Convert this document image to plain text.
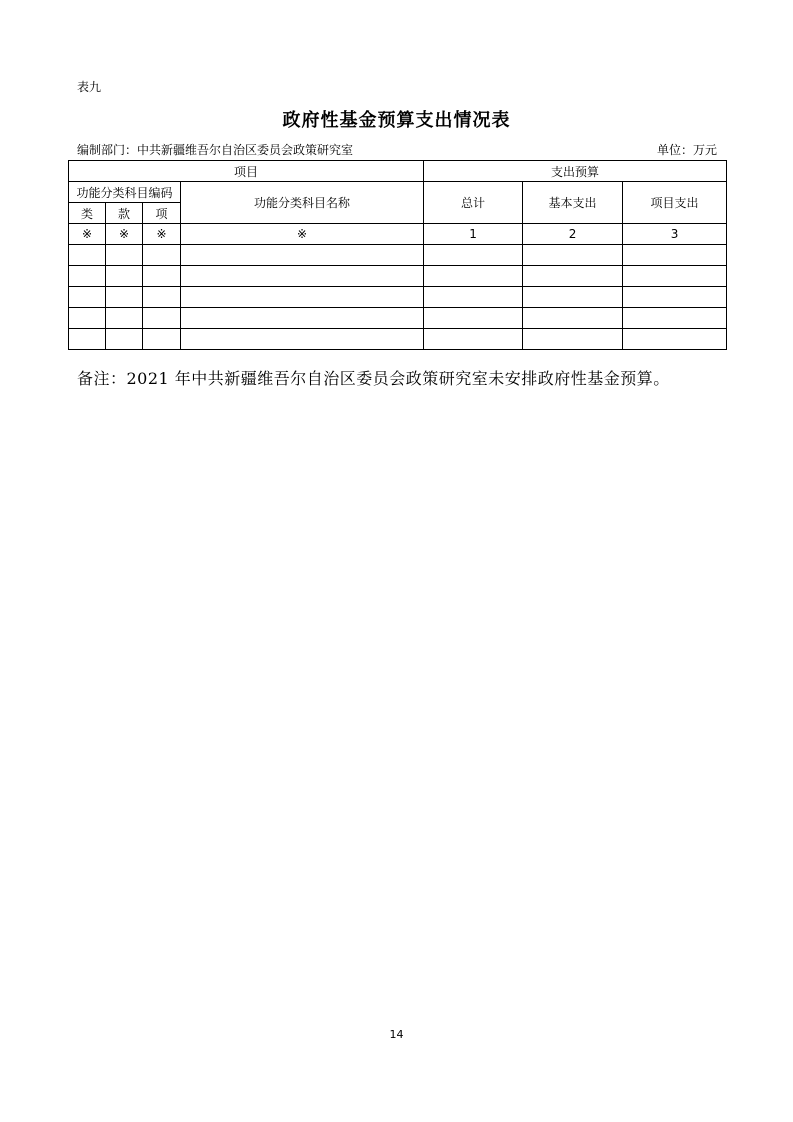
表九
政府性基金预算支出情况表
编制部门：中共新疆维吾尔自治区委员会政策研究室	单位：万元
项目				支出预算		
功能分类科目编码			功能分类科目名称	总计	基本支出	项目支出
类	款	项				
※	※	※	※	1	2	3

备注：2021 年中共新疆维吾尔自治区委员会政策研究室未安排政府性基金预算。
14
